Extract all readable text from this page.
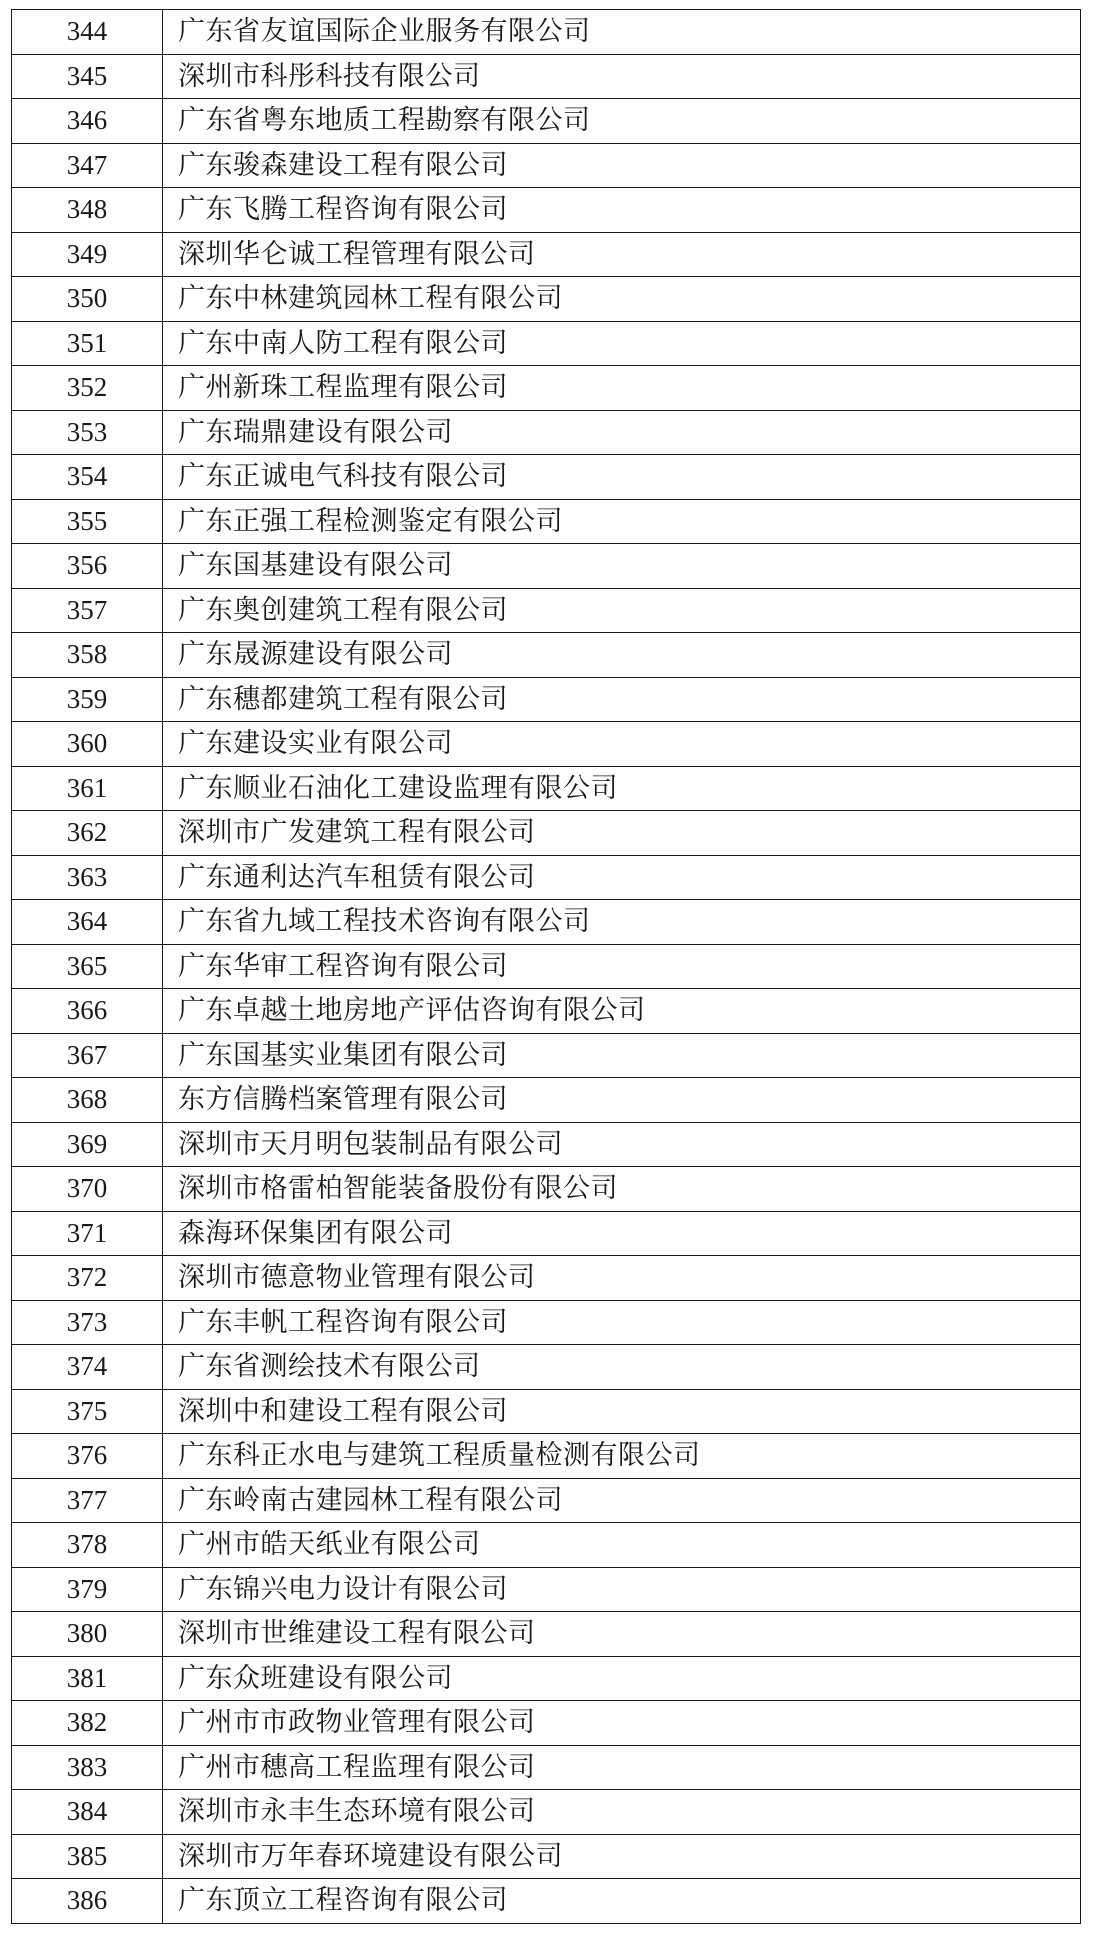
344	广东省友谊国际企业服务有限公司
345	深圳市科彤科技有限公司
346	广东省粤东地质工程勘察有限公司
347	广东骏森建设工程有限公司
348	广东飞腾工程咨询有限公司
349	深圳华仑诚工程管理有限公司
350	广东中林建筑园林工程有限公司
351	广东中南人防工程有限公司
352	广州新珠工程监理有限公司
353	广东瑞鼎建设有限公司
354	广东正诚电气科技有限公司
355	广东正强工程检测鉴定有限公司
356	广东国基建设有限公司
357	广东奥创建筑工程有限公司
358	广东晟源建设有限公司
359	广东穗都建筑工程有限公司
360	广东建设实业有限公司
361	广东顺业石油化工建设监理有限公司
362	深圳市广发建筑工程有限公司
363	广东通利达汽车租赁有限公司
364	广东省九域工程技术咨询有限公司
365	广东华审工程咨询有限公司
366	广东卓越土地房地产评估咨询有限公司
367	广东国基实业集团有限公司
368	东方信腾档案管理有限公司
369	深圳市天月明包装制品有限公司
370	深圳市格雷柏智能装备股份有限公司
371	森海环保集团有限公司
372	深圳市德意物业管理有限公司
373	广东丰帆工程咨询有限公司
374	广东省测绘技术有限公司
375	深圳中和建设工程有限公司
376	广东科正水电与建筑工程质量检测有限公司
377	广东岭南古建园林工程有限公司
378	广州市皓天纸业有限公司
379	广东锦兴电力设计有限公司
380	深圳市世维建设工程有限公司
381	广东众班建设有限公司
382	广州市市政物业管理有限公司
383	广州市穗高工程监理有限公司
384	深圳市永丰生态环境有限公司
385	深圳市万年春环境建设有限公司
386	广东顶立工程咨询有限公司
